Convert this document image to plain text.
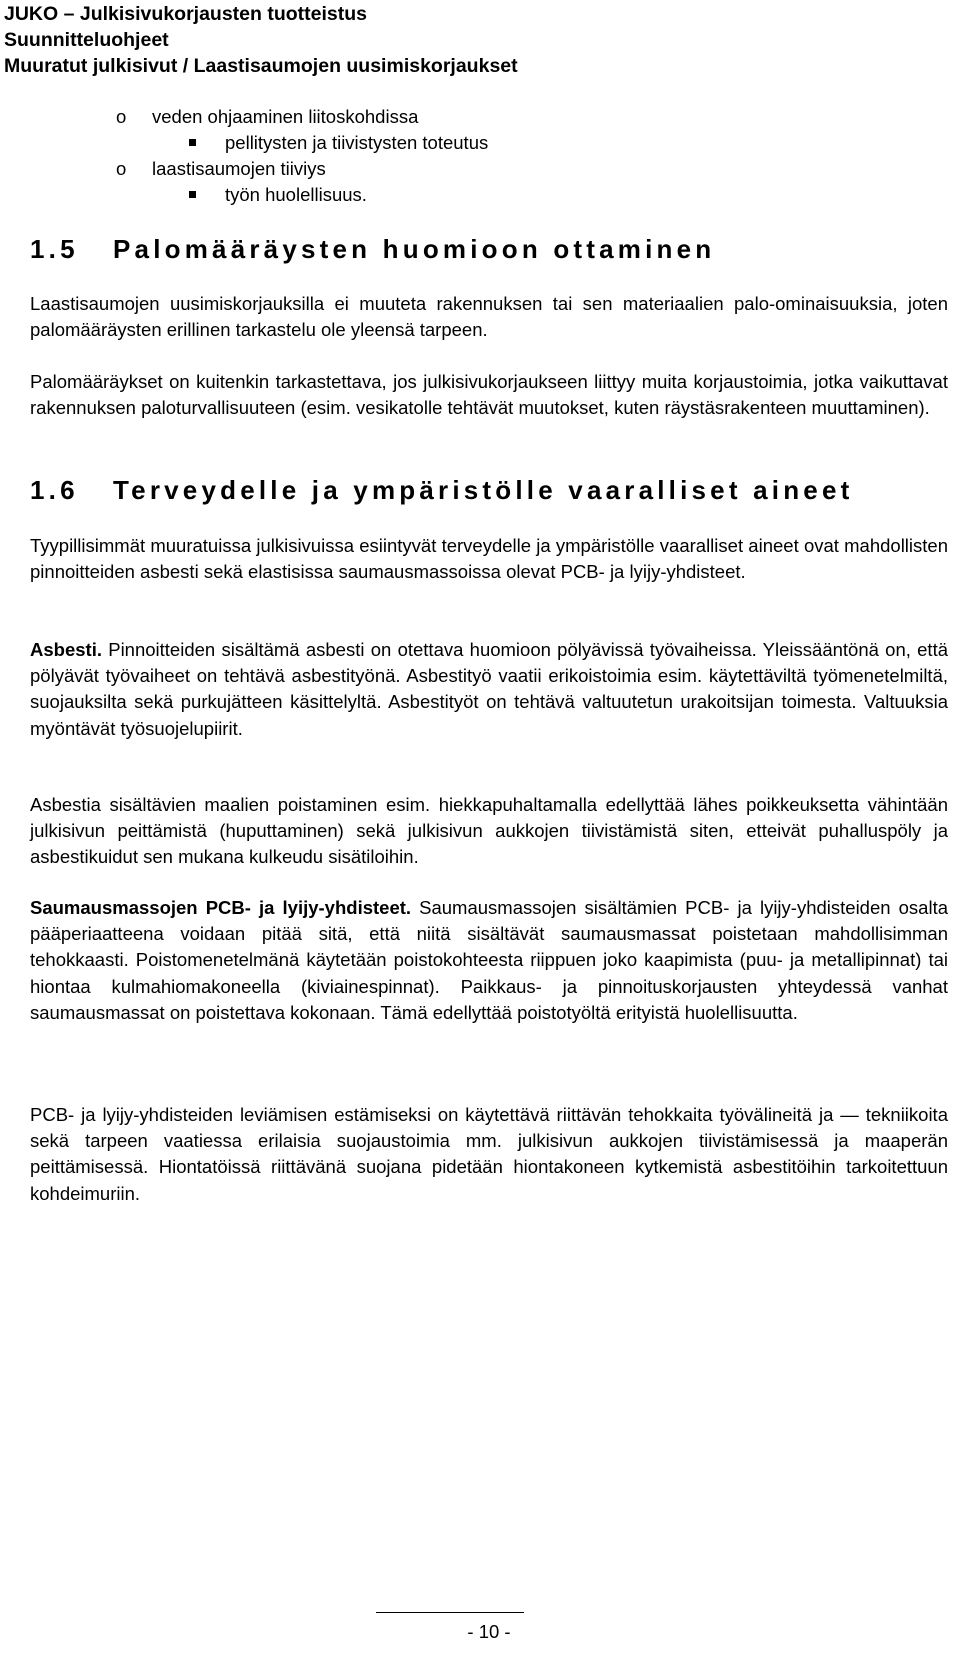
JUKO – Julkisivukorjausten tuotteistus

Suunnitteluohjeet

Muuratut julkisivut / Laastisaumojen uusimiskorjaukset

o veden ohjaaminen liitoskohdissa
pellitysten ja tiivistysten toteutus
o laastisaumojen tiiviys
työn huolellisuus.
1.5   Palomääräysten huomioon ottaminen

Laastisaumojen uusimiskorjauksilla ei muuteta rakennuksen tai sen materiaalien palo-ominaisuuksia, joten palomääräysten erillinen tarkastelu ole yleensä tarpeen.

Palomääräykset on kuitenkin tarkastettava, jos julkisivukorjaukseen liittyy muita korjaustoimia, jotka vaikuttavat rakennuksen paloturvallisuuteen (esim. vesikatolle tehtävät muutokset, kuten räystäsrakenteen muuttaminen).

1.6   Terveydelle ja ympäristölle vaaralliset aineet

Tyypillisimmät muuratuissa julkisivuissa esiintyvät terveydelle ja ympäristölle vaaralliset aineet ovat mahdollisten pinnoitteiden asbesti sekä elastisissa saumausmassoissa olevat PCB- ja lyijy-yhdisteet.

Asbesti. Pinnoitteiden sisältämä asbesti on otettava huomioon pölyävissä työvaiheissa. Yleissääntönä on, että pölyävät työvaiheet on tehtävä asbestityönä. Asbestityö vaatii erikoistoimia esim. käytettäviltä työmenetelmiltä, suojauksilta sekä purkujätteen käsittelyltä. Asbestityöt on tehtävä valtuutetun urakoitsijan toimesta. Valtuuksia myöntävät työsuojelupiirit.

Asbestia sisältävien maalien poistaminen esim. hiekkapuhaltamalla edellyttää lähes poikkeuksetta vähintään julkisivun peittämistä (huputtaminen) sekä julkisivun aukkojen tiivistämistä siten, etteivät puhalluspöly ja asbestikuidut sen mukana kulkeudu sisätiloihin.

Saumausmassojen PCB- ja lyijy-yhdisteet. Saumausmassojen sisältämien PCB- ja lyijy-yhdisteiden osalta pääperiaatteena voidaan pitää sitä, että niitä sisältävät saumausmassat poistetaan mahdollisimman tehokkaasti. Poistomenetelmänä käytetään poistokohteesta riippuen joko kaapimista (puu- ja metallipinnat) tai hiontaa kulmahiomakoneella (kiviainespinnat). Paikkaus- ja pinnoituskorjausten yhteydessä vanhat saumausmassat on poistettava kokonaan. Tämä edellyttää poistotyöltä erityistä huolellisuutta.

PCB- ja lyijy-yhdisteiden leviämisen estämiseksi on käytettävä riittävän tehokkaita työvälineitä ja — tekniikoita sekä tarpeen vaatiessa erilaisia suojaustoimia mm. julkisivun aukkojen tiivistämisessä ja maaperän peittämisessä. Hiontatöissä riittävänä suojana pidetään hiontakoneen kytkemistä asbestitöihin tarkoitettuun kohdeimuriin.

- 10 -
